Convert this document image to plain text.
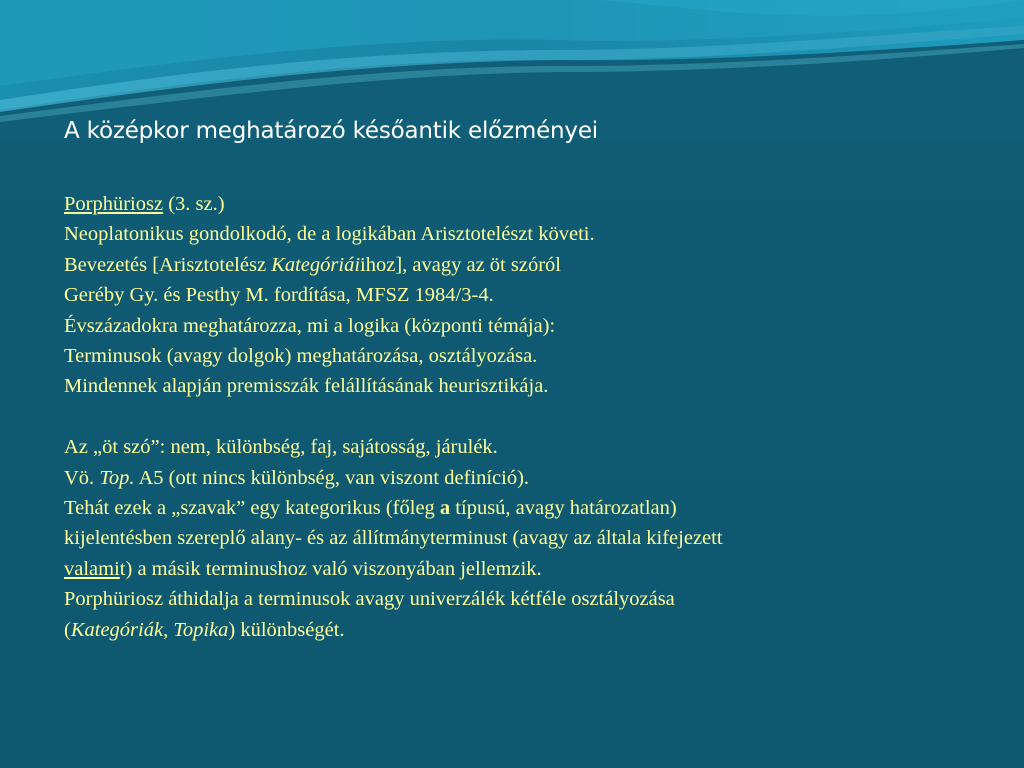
A középkor meghatározó későantik előzményei
Porphüriosz (3. sz.)
Neoplatonikus gondolkodó, de a logikában Arisztotelészt követi.
Bevezetés [Arisztotelész Kategóriáiihoz], avagy az öt szóról
Geréby Gy. és Pesthy M. fordítása, MFSZ 1984/3-4.
Évszázadokra meghatározza, mi a logika (központi témája):
Terminusok (avagy dolgok) meghatározása, osztályozása.
Mindennek alapján premisszák felállításának heurisztikája.
Az „öt szó”: nem, különbség, faj, sajátosság, járulék.
Vö. Top. A5 (ott nincs különbség, van viszont definíció).
Tehát ezek a „szavak” egy kategorikus (főleg a típusú, avagy határozatlan)
kijelentésben szereplő alany- és az állítmányterminust (avagy az általa kifejezett
valamit) a másik terminushoz való viszonyában jellemzik.
Porphüriosz áthidalja a terminusok avagy univerzálék kétféle osztályozása
(Kategóriák, Topika) különbségét.
